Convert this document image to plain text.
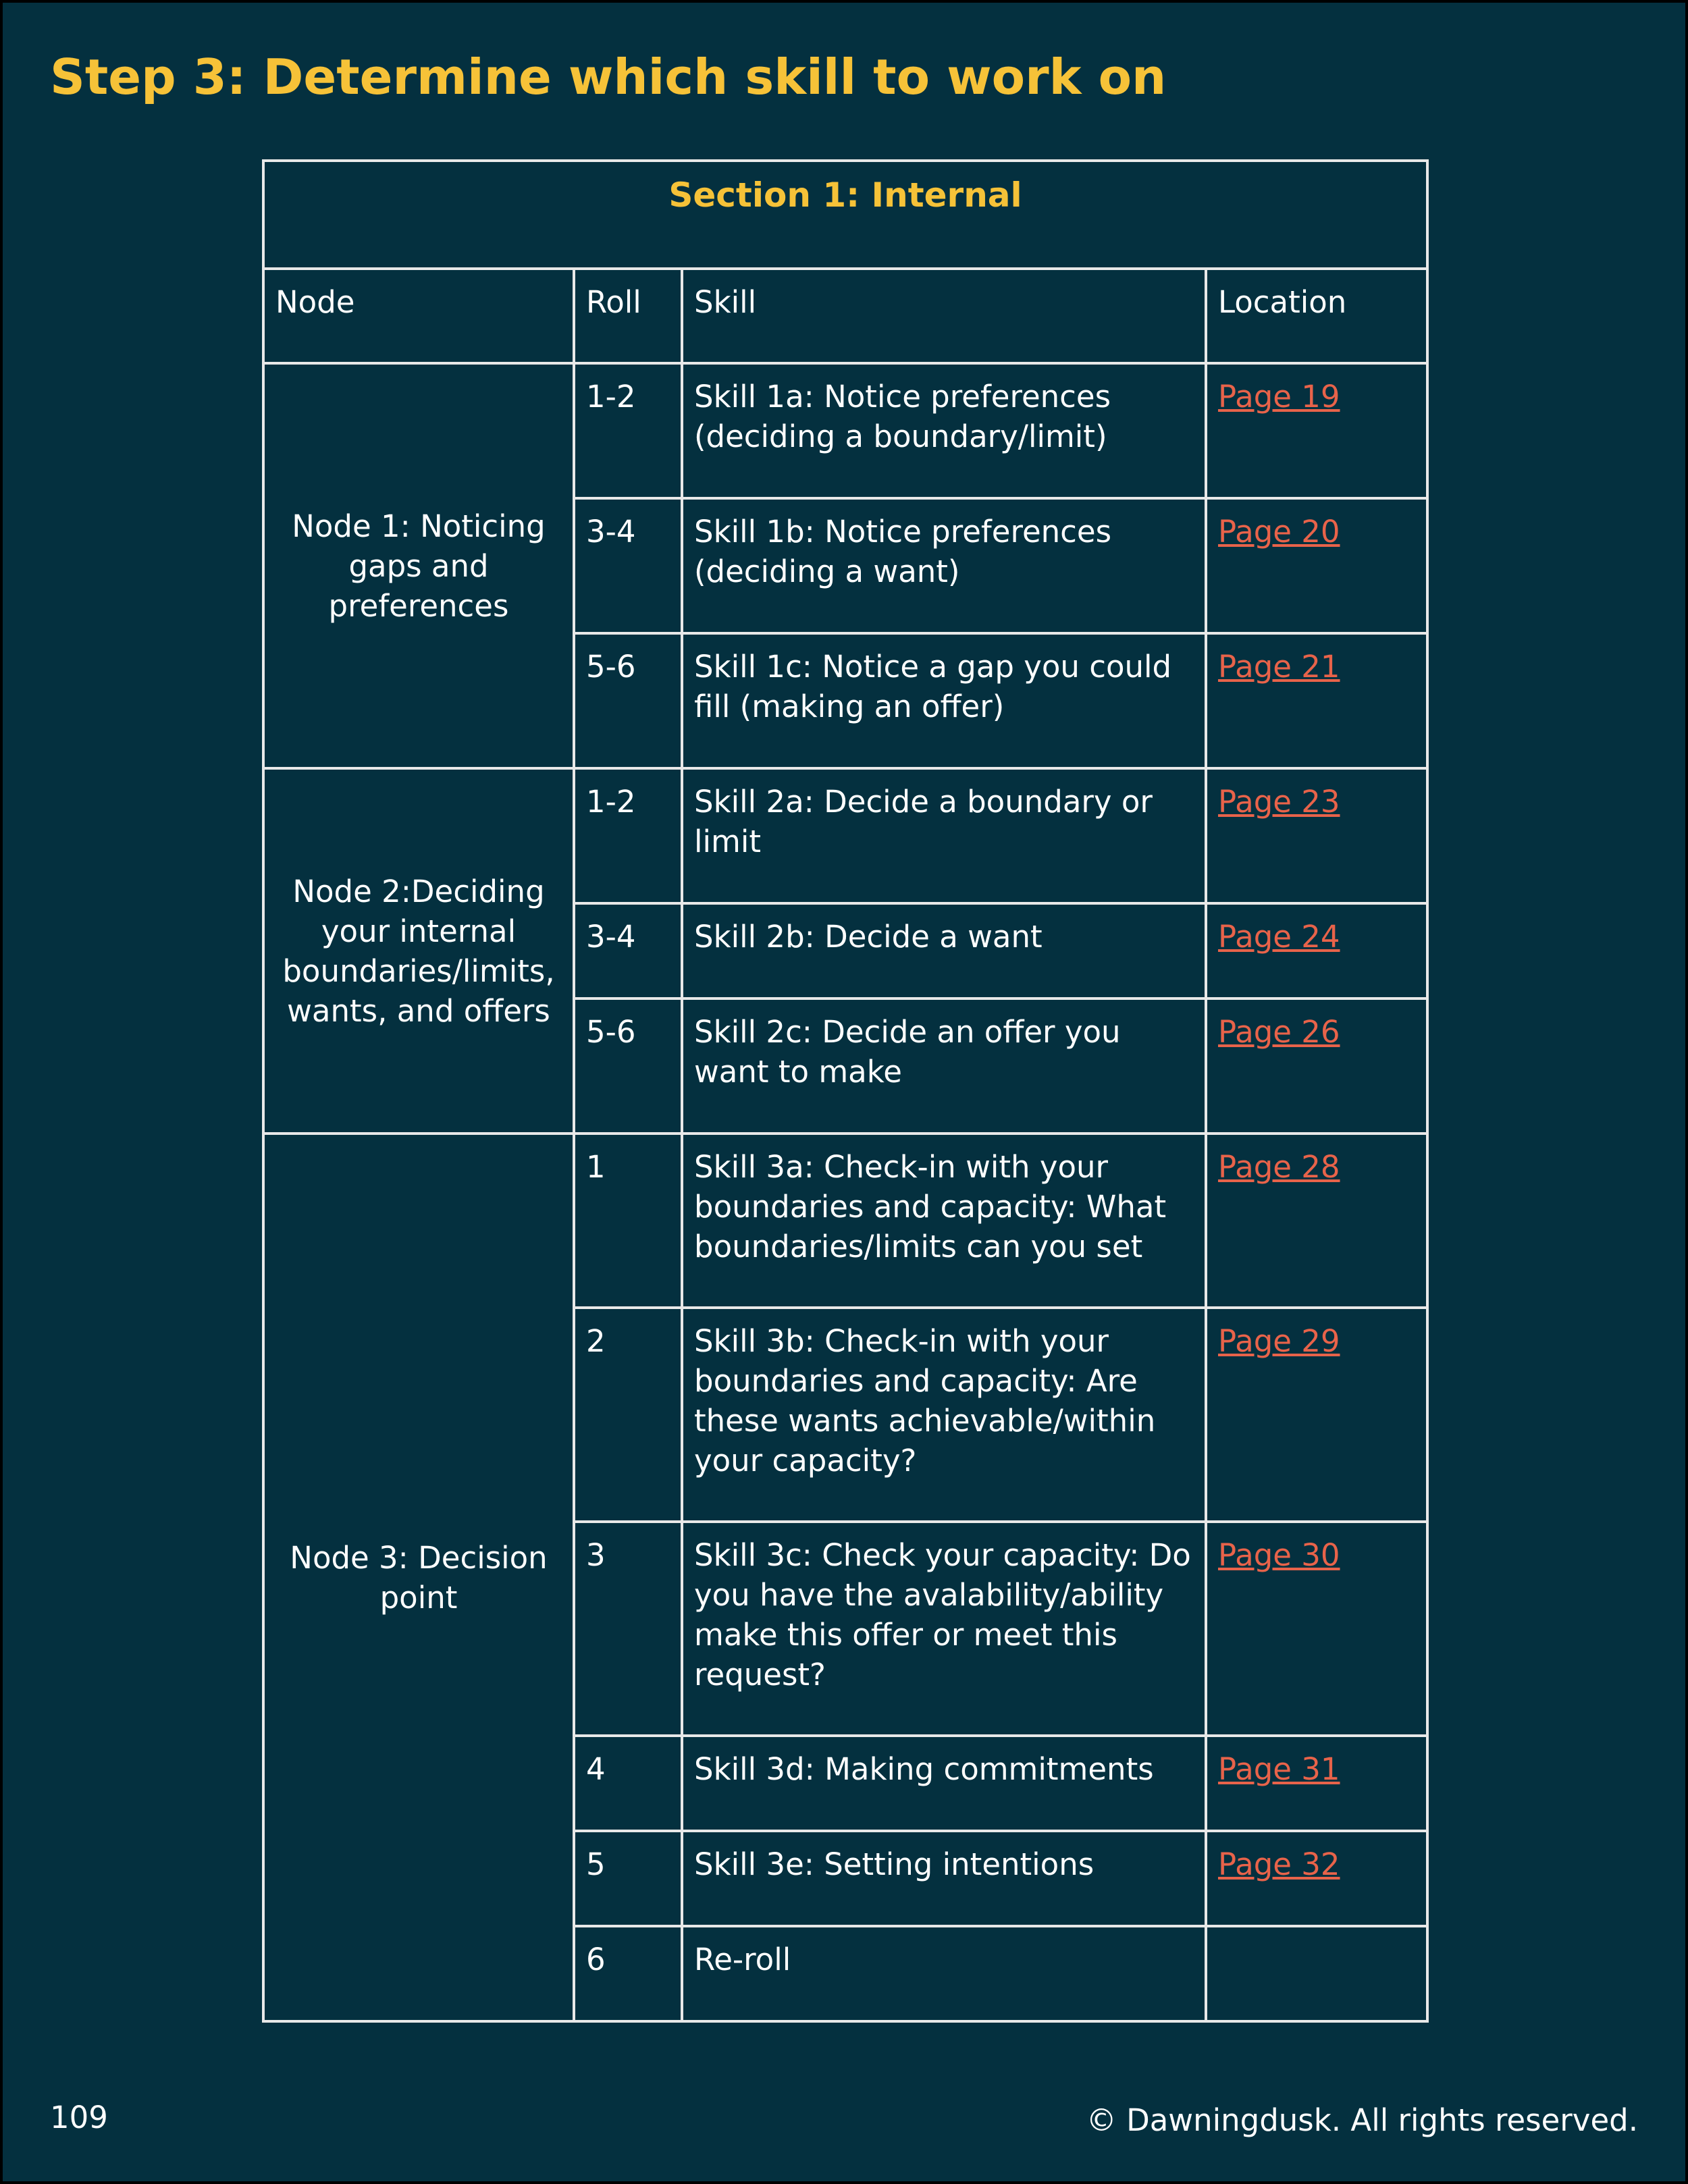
Step 3: Determine which skill to work on
Section 1: Internal			
Node	Roll	Skill	Location
Node 1: Noticing gaps and preferences	1-2	Skill 1a: Notice preferences (deciding a boundary/limit)	Page 19
	3-4	Skill 1b: Notice preferences (deciding a want)	Page 20
	5-6	Skill 1c: Notice a gap you could fill (making an offer)	Page 21
Node 2:Deciding your internal boundaries/limits, wants, and offers	1-2	Skill 2a: Decide a boundary or limit	Page 23
	3-4	Skill 2b: Decide a want	Page 24
	5-6	Skill 2c: Decide an offer you want to make	Page 26
Node 3: Decision point	1	Skill 3a: Check-in with your boundaries and capacity: What boundaries/limits can you set	Page 28
	2	Skill 3b: Check-in with your boundaries and capacity: Are these wants achievable/within your capacity?	Page 29
	3	Skill 3c: Check your capacity: Do you have the avalability/ability make this offer or meet this request?	Page 30
	4	Skill 3d: Making commitments	Page 31
	5	Skill 3e: Setting intentions	Page 32
	6	Re-roll	
109	© Dawningdusk. All rights reserved.
